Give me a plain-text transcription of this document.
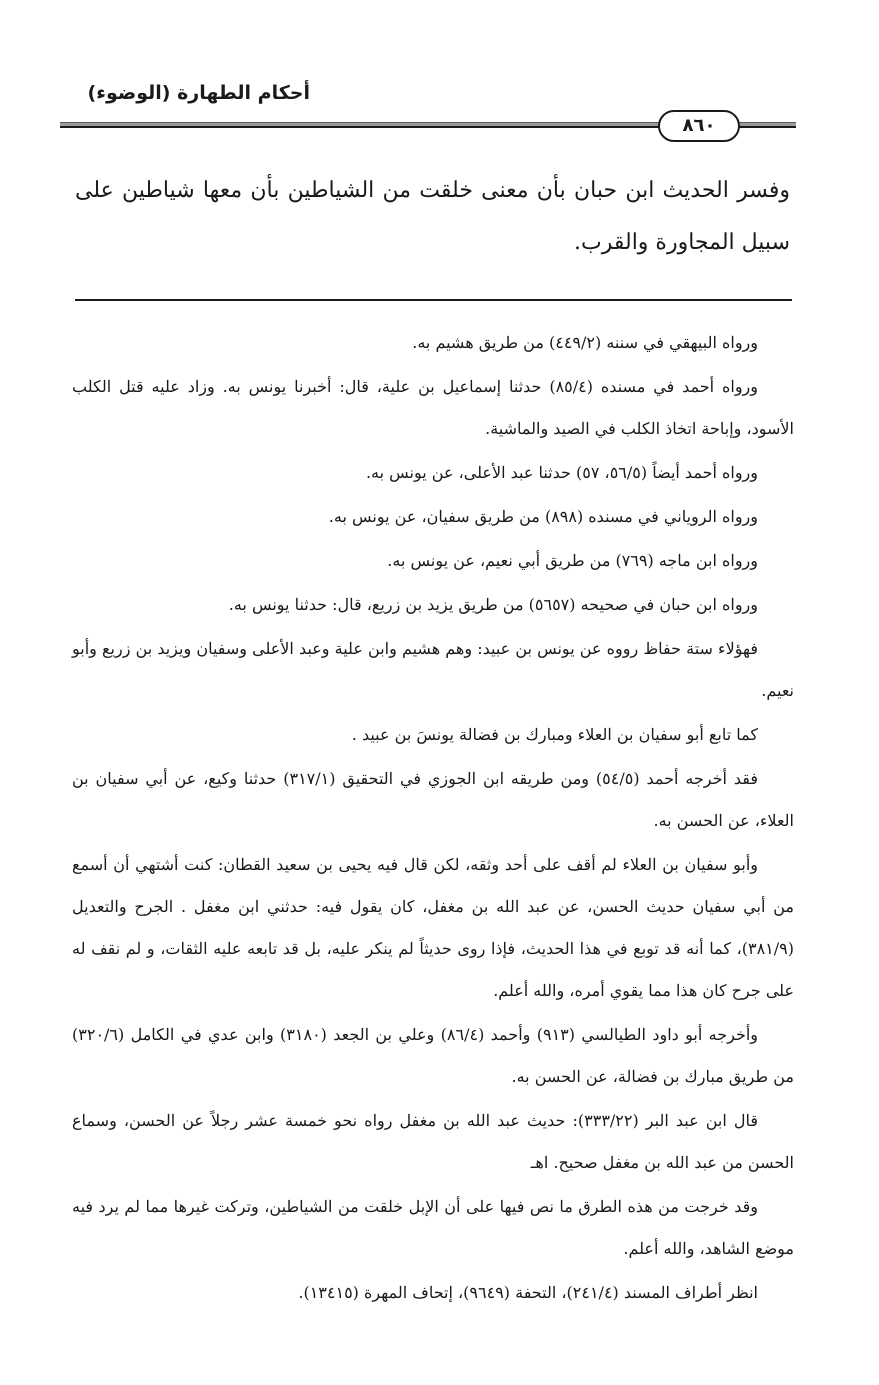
أحكام الطهارة (الوضوء)
٨٦٠

وفسر الحديث ابن حبان بأن معنى خلقت من الشياطين بأن معها شياطين على سبيل المجاورة والقرب.

ورواه البيهقي في سننه (٤٤٩/٢) من طريق هشيم به.

ورواه أحمد في مسنده (٨٥/٤) حدثنا إسماعيل بن علية، قال: أخبرنا يونس به. وزاد عليه قتل الكلب الأسود، وإباحة اتخاذ الكلب في الصيد والماشية.

ورواه أحمد أيضاً (٥٦/٥، ٥٧) حدثنا عبد الأعلى، عن يونس به.

ورواه الروياني في مسنده (٨٩٨) من طريق سفيان، عن يونس به.

ورواه ابن ماجه (٧٦٩) من طريق أبي نعيم، عن يونس به.

ورواه ابن حبان في صحيحه (٥٦٥٧) من طريق يزيد بن زريع، قال: حدثنا يونس به.

فهؤلاء ستة حفاظ رووه عن يونس بن عبيد: وهم هشيم وابن علية وعبد الأعلى وسفيان ويزيد بن زريع وأبو نعيم.

كما تابع أبو سفيان بن العلاء ومبارك بن فضالة يونسَ بن عبيد .

فقد أخرجه أحمد (٥٤/٥) ومن طريقه ابن الجوزي في التحقيق (٣١٧/١) حدثنا وكيع، عن أبي سفيان بن العلاء، عن الحسن به.

وأبو سفيان بن العلاء لم أقف على أحد وثقه، لكن قال فيه يحيى بن سعيد القطان: كنت أشتهي أن أسمع من أبي سفيان حديث الحسن، عن عبد الله بن مغفل، كان يقول فيه: حدثني ابن مغفل . الجرح والتعديل (٣٨١/٩)، كما أنه قد توبع في هذا الحديث، فإذا روى حديثاً لم ينكر عليه، بل قد تابعه عليه الثقات، و لم نقف له على جرح كان هذا مما يقوي أمره، والله أعلم.

وأخرجه أبو داود الطيالسي (٩١٣) وأحمد (٨٦/٤) وعلي بن الجعد (٣١٨٠) وابن عدي في الكامل (٣٢٠/٦) من طريق مبارك بن فضالة، عن الحسن به.

قال ابن عبد البر (٣٣٣/٢٢): حديث عبد الله بن مغفل رواه نحو خمسة عشر رجلاً عن الحسن، وسماع الحسن من عبد الله بن مغفل صحيح. اهـ

وقد خرجت من هذه الطرق ما نص فيها على أن الإبل خلقت من الشياطين، وتركت غيرها مما لم يرد فيه موضع الشاهد، والله أعلم.

انظر أطراف المسند (٢٤١/٤)، التحفة (٩٦٤٩)، إتحاف المهرة (١٣٤١٥).
